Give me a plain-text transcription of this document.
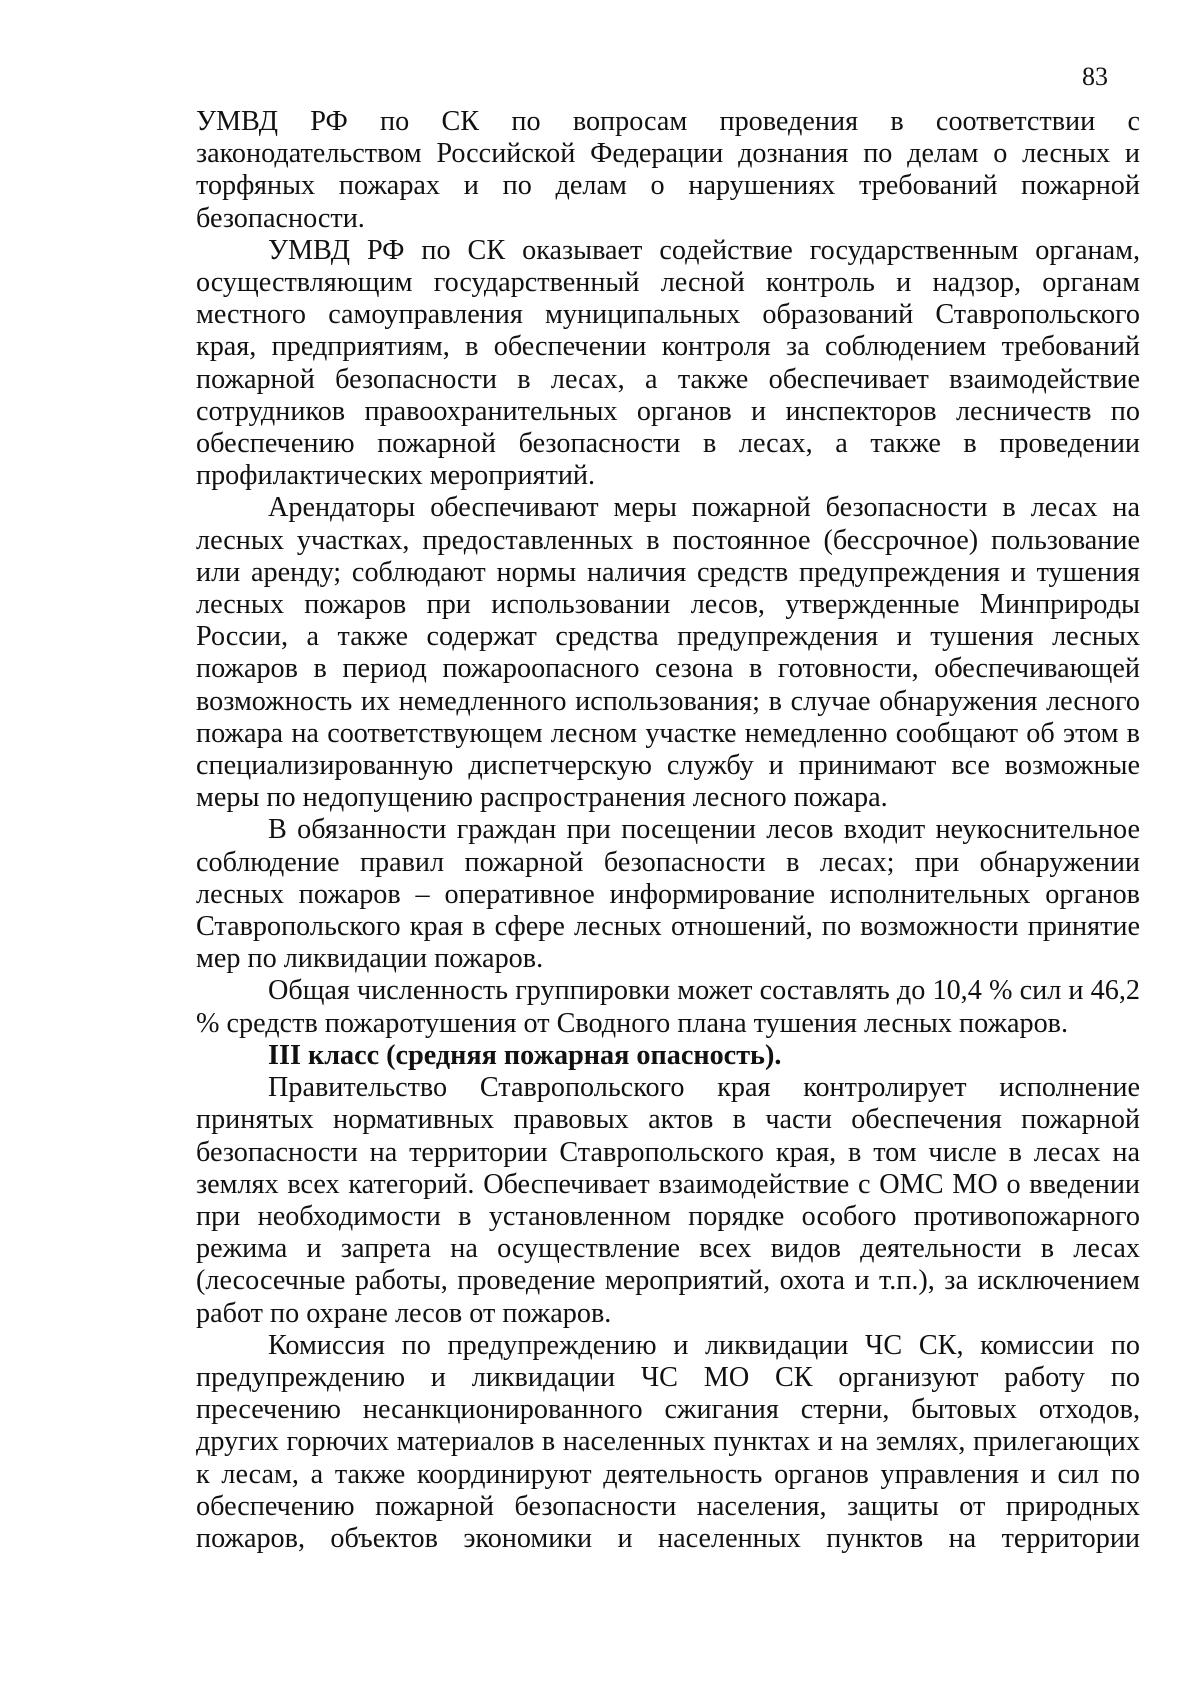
83

УМВД РФ по СК по вопросам проведения в соответствии с законодательством Российской Федерации дознания по делам о лесных и торфяных пожарах и по делам о нарушениях требований пожарной безопасности.

УМВД РФ по СК оказывает содействие государственным органам, осуществляющим государственный лесной контроль и надзор, органам местного самоуправления муниципальных образований Ставропольского края, предприятиям, в обеспечении контроля за соблюдением требований пожарной безопасности в лесах, а также обеспечивает взаимодействие сотрудников правоохранительных органов и инспекторов лесничеств по обеспечению пожарной безопасности в лесах, а также в проведении профилактических мероприятий.

Арендаторы обеспечивают меры пожарной безопасности в лесах на лесных участках, предоставленных в постоянное (бессрочное) пользование или аренду; соблюдают нормы наличия средств предупреждения и тушения лесных пожаров при использовании лесов, утвержденные Минприроды России, а также содержат средства предупреждения и тушения лесных пожаров в период пожароопасного сезона в готовности, обеспечивающей возможность их немедленного использования; в случае обнаружения лесного пожара на соответствующем лесном участке немедленно сообщают об этом в специализированную диспетчерскую службу и принимают все возможные меры по недопущению распространения лесного пожара.

В обязанности граждан при посещении лесов входит неукоснительное соблюдение правил пожарной безопасности в лесах; при обнаружении лесных пожаров – оперативное информирование исполнительных органов Ставропольского края в сфере лесных отношений, по возможности принятие мер по ликвидации пожаров.

Общая численность группировки может составлять до 10,4 % сил и 46,2 % средств пожаротушения от Сводного плана тушения лесных пожаров.

III класс (средняя пожарная опасность).

Правительство Ставропольского края контролирует исполнение принятых нормативных правовых актов в части обеспечения пожарной безопасности на территории Ставропольского края, в том числе в лесах на землях всех категорий. Обеспечивает взаимодействие с ОМС МО о введении при необходимости в установленном порядке особого противопожарного режима и запрета на осуществление всех видов деятельности в лесах (лесосечные работы, проведение мероприятий, охота и т.п.), за исключением работ по охране лесов от пожаров.

Комиссия по предупреждению и ликвидации ЧС СК, комиссии по предупреждению и ликвидации ЧС МО СК организуют работу по пресечению несанкционированного сжигания стерни, бытовых отходов, других горючих материалов в населенных пунктах и на землях, прилегающих к лесам, а также координируют деятельность органов управления и сил по обеспечению пожарной безопасности населения, защиты от природных пожаров, объектов экономики и населенных пунктов на территории
